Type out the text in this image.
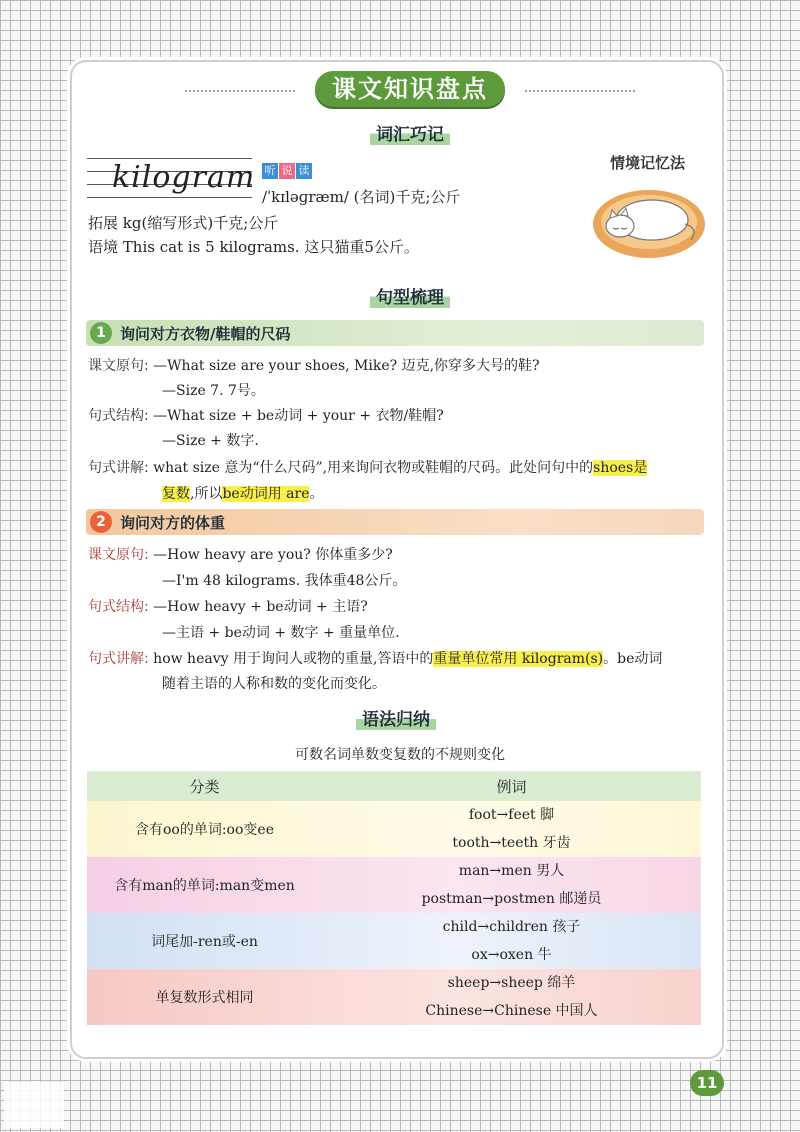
课文知识盘点
词汇巧记
kilogram 听 说 读
/ˈkɪləɡræm/ (名词)千克;公斤
拓展 kg(缩写形式)千克;公斤
语境 This cat is 5 kilograms. 这只猫重5公斤。
情境记忆法
句型梳理
1 询问对方衣物/鞋帽的尺码
课文原句: —What size are your shoes, Mike? 迈克,你穿多大号的鞋?
—Size 7. 7号。
句式结构: —What size + be动词 + your + 衣物/鞋帽?
—Size + 数字.
句式讲解: what size 意为“什么尺码”,用来询问衣物或鞋帽的尺码。此处问句中的shoes是
复数,所以be动词用 are。
2 询问对方的体重
课文原句: —How heavy are you? 你体重多少?
—I'm 48 kilograms. 我体重48公斤。
句式结构: —How heavy + be动词 + 主语?
—主语 + be动词 + 数字 + 重量单位.
句式讲解: how heavy 用于询问人或物的重量,答语中的重量单位常用 kilogram(s)。be动词
随着主语的人称和数的变化而变化。
语法归纳
可数名词单数变复数的不规则变化
分类	例词
含有oo的单词:oo变ee	foot→feet 脚
tooth→teeth 牙齿

含有man的单词:man变men	man→men 男人
postman→postmen 邮递员

词尾加-ren或-en	child→children 孩子
ox→oxen 牛

单复数形式相同	sheep→sheep 绵羊
Chinese→Chinese 中国人
11
